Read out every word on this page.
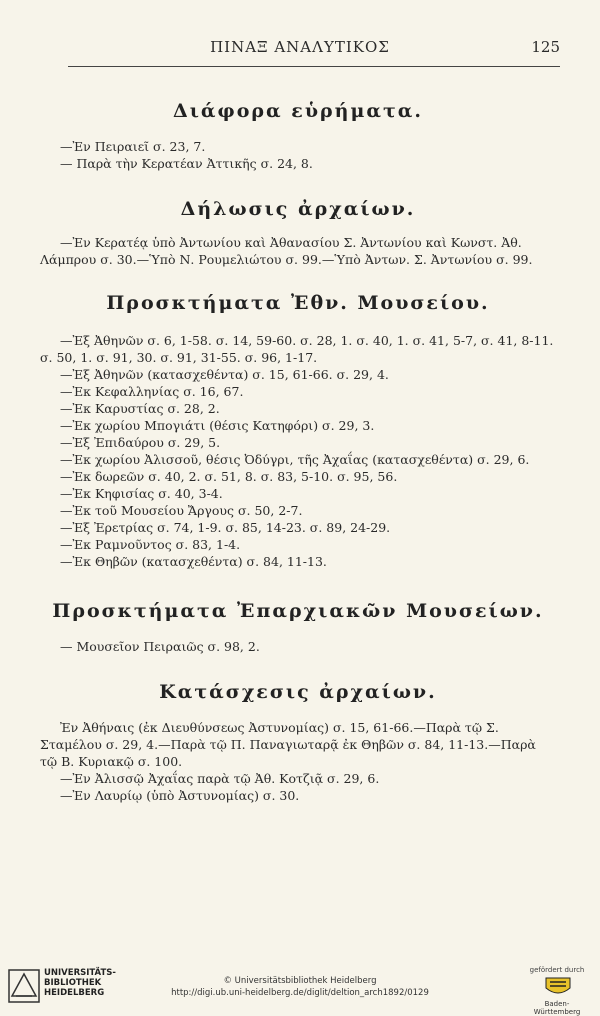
ΠΙΝΑΞ ΑΝΑΛΥΤΙΚΟΣ	125
Διάφορα εὑρήματα.

—Ἐν Πειραιεῖ σ. 23, 7.

— Παρὰ τὴν Κερατέαν Ἀττικῆς σ. 24, 8.

Δήλωσις ἀρχαίων.

—Ἐν Κερατέᾳ ὑπὸ Ἀντωνίου καὶ Ἀθανασίου Σ. Ἀντωνίου καὶ Κωνστ. Ἀθ. Λάμπρου σ. 30.—Ὑπὸ Ν. Ρουμελιώτου σ. 99.—Ὑπὸ Ἀντων. Σ. Ἀντωνίου σ. 99.

Προσκτήματα Ἐθν. Μουσείου.

—Ἐξ Ἀθηνῶν σ. 6, 1-58. σ. 14, 59-60. σ. 28, 1. σ. 40, 1. σ. 41, 5-7, σ. 41, 8-11. σ. 50, 1. σ. 91, 30. σ. 91, 31-55. σ. 96, 1-17.

—Ἐξ Ἀθηνῶν (κατασχεθέντα) σ. 15, 61-66. σ. 29, 4.

—Ἐκ Κεφαλληνίας σ. 16, 67.

—Ἐκ Καρυστίας σ. 28, 2.

—Ἐκ χωρίου Μπογιάτι (θέσις Κατηφόρι) σ. 29, 3.

—Ἐξ Ἐπιδαύρου σ. 29, 5.

—Ἐκ χωρίου Ἀλισσοῦ, θέσις Ὀδύγρι, τῆς Ἀχαΐας (κατασχεθέντα) σ. 29, 6.

—Ἐκ δωρεῶν σ. 40, 2. σ. 51, 8. σ. 83, 5-10. σ. 95, 56.

—Ἐκ Κηφισίας σ. 40, 3-4.

—Ἐκ τοῦ Μουσείου Ἄργους σ. 50, 2-7.

—Ἐξ Ἐρετρίας σ. 74, 1-9. σ. 85, 14-23. σ. 89, 24-29.

—Ἐκ Ραμνοῦντος σ. 83, 1-4.

—Ἐκ Θηβῶν (κατασχεθέντα) σ. 84, 11-13.

Προσκτήματα Ἐπαρχιακῶν Μουσείων.

— Μουσεῖον Πειραιῶς σ. 98, 2.

Κατάσχεσις ἀρχαίων.

Ἐν Ἀθήναις (ἐκ Διευθύνσεως Ἀστυνομίας) σ. 15, 61-66.—Παρὰ τῷ Σ. Σταμέλου σ. 29, 4.—Παρὰ τῷ Π. Παναγιωταρᾷ ἐκ Θηβῶν σ. 84, 11-13.—Παρὰ τῷ Β. Κυριακῷ σ. 100.

—Ἐν Ἀλισσῷ Ἀχαΐας παρὰ τῷ Ἀθ. Κοτζιᾷ σ. 29, 6.

—Ἐν Λαυρίῳ (ὑπὸ Ἀστυνομίας) σ. 30.

UNIVERSITÄTS-
BIBLIOTHEK
HEIDELBERG
© Universitätsbibliothek Heidelberg
http://digi.ub.uni-heidelberg.de/diglit/deltion_arch1892/0129
gefördert durch
Baden-Württemberg
